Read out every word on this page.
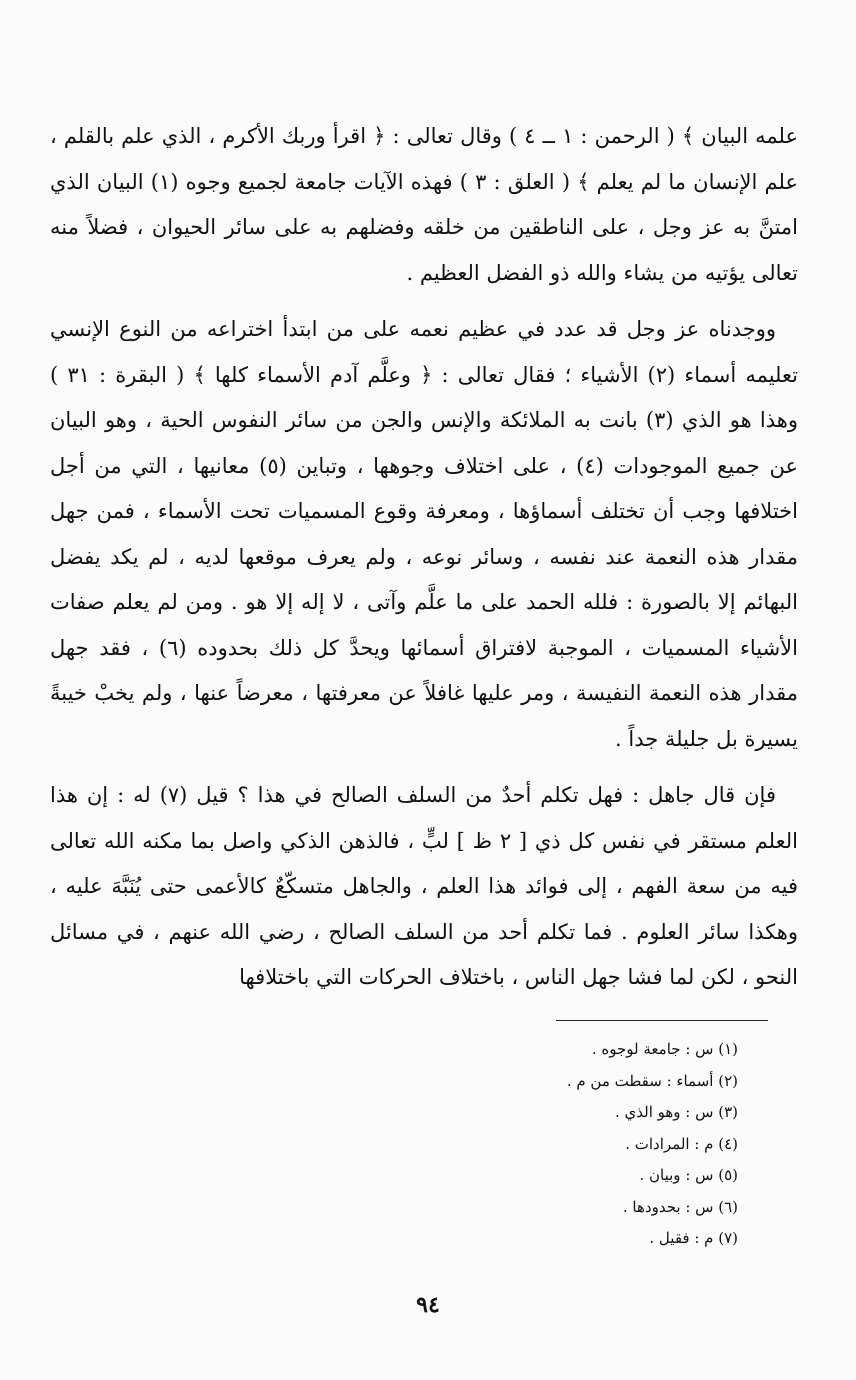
علمه البيان ﴾ ( الرحمن : ١ ــ ٤ ) وقال تعالى : ﴿ اقرأ وربك الأكرم ، الذي علم بالقلم ، علم الإنسان ما لم يعلم ﴾ ( العلق : ٣ ) فهذه الآيات جامعة لجميع وجوه (١) البيان الذي امتنَّ به عز وجل ، على الناطقين من خلقه وفضلهم به على سائر الحيوان ، فضلاً منه تعالى يؤتيه من يشاء والله ذو الفضل العظيم .

ووجدناه عز وجل قد عدد في عظيم نعمه على من ابتدأ اختراعه من النوع الإنسي تعليمه أسماء (٢) الأشياء ؛ فقال تعالى : ﴿ وعلَّم آدم الأسماء كلها ﴾ ( البقرة : ٣١ ) وهذا هو الذي (٣) بانت به الملائكة والإنس والجن من سائر النفوس الحية ، وهو البيان عن جميع الموجودات (٤) ، على اختلاف وجوهها ، وتباين (٥) معانيها ، التي من أجل اختلافها وجب أن تختلف أسماؤها ، ومعرفة وقوع المسميات تحت الأسماء ، فمن جهل مقدار هذه النعمة عند نفسه ، وسائر نوعه ، ولم يعرف موقعها لديه ، لم يكد يفضل البهائم إلا بالصورة : فلله الحمد على ما علَّم وآتى ، لا إله إلا هو . ومن لم يعلم صفات الأشياء المسميات ، الموجبة لافتراق أسمائها ويحدَّ كل ذلك بحدوده (٦) ، فقد جهل مقدار هذه النعمة النفيسة ، ومر عليها غافلاً عن معرفتها ، معرضاً عنها ، ولم يخبْ خيبةً يسيرة بل جليلة جداً .

فإن قال جاهل : فهل تكلم أحدٌ من السلف الصالح في هذا ؟ قيل (٧) له : إن هذا العلم مستقر في نفس كل ذي [ ٢ ظ ] لبٍّ ، فالذهن الذكي واصل بما مكنه الله تعالى فيه من سعة الفهم ، إلى فوائد هذا العلم ، والجاهل متسكّعٌ كالأعمى حتى يُنَبَّهَ عليه ، وهكذا سائر العلوم . فما تكلم أحد من السلف الصالح ، رضي الله عنهم ، في مسائل النحو ، لكن لما فشا جهل الناس ، باختلاف الحركات التي باختلافها

(١) س : جامعة لوجوه .
(٢) أسماء : سقطت من م .
(٣) س : وهو الذي .
(٤) م : المرادات .
(٥) س : وبيان .
(٦) س : بحدودها .
(٧) م : فقيل .
٩٤
